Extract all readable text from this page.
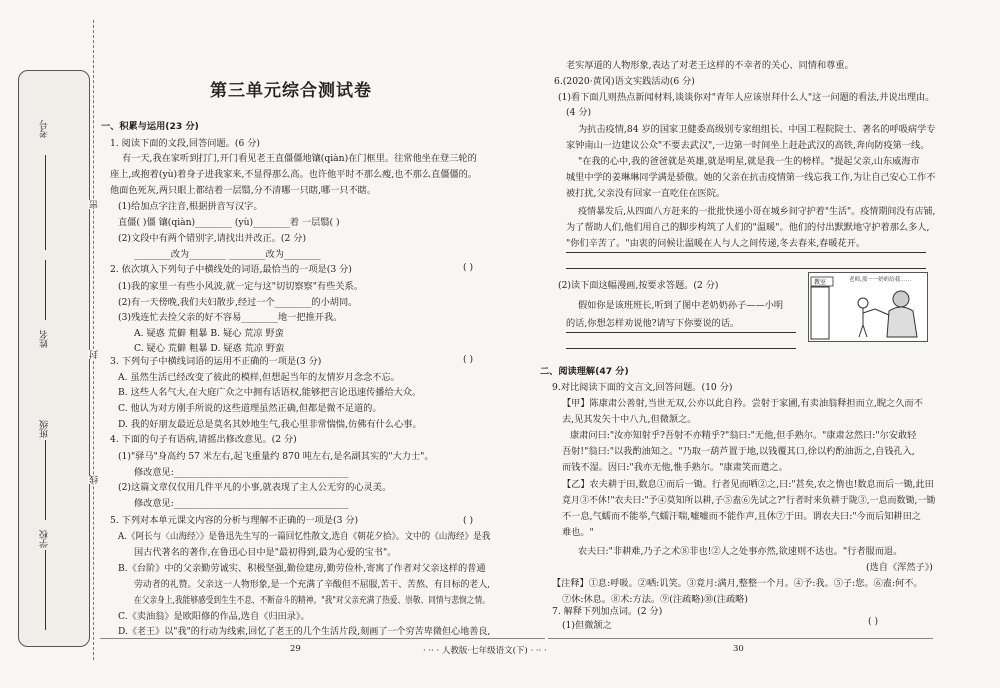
考号
姓名
班级
学校
密
封
线
第三单元综合测试卷
一、积累与运用(23 分)
1. 阅读下面的文段,回答问题。(6 分)
有一天,我在家听到打门,开门看见老王直僵僵地镶(qiàn)在门框里。往常他坐在登三轮的
座上,或抱着(yù)着身子进我家来,不显得那么高。也许他平时不那么瘦,也不那么直僵僵的。
他面色死灰,两只眼上都结着一层翳,分不清哪一只瞎,哪一只不瞎。
(1)给加点字注音,根据拼音写汉字。
直僵( )僵 镶(qiàn)________ (yù)________着 一层翳( )
(2)文段中有两个错别字,请找出并改正。(2 分)
________改为________ ________改为________
2. 依次填入下列句子中横线处的词语,最恰当的一项是(3 分)
(1)我的家里一有些小风波,就一定与这"切切察察"有些关系。
(2)有一天傍晚,我们夫妇散步,经过一个________的小胡同。
(3)残连忙去捡父亲的好不容易________地一把推开我。
A. 疑惑 荒僻 粗暴 B. 疑心 荒凉 野蛮
C. 疑心 荒僻 粗暴 D. 疑惑 荒凉 野蛮
3. 下列句子中横线词语的运用不正确的一项是(3 分)
A. 虽然生活已经改变了彼此的模样,但想起当年的友情岁月念念不忘。
B. 这些人名气大,在大庭广众之中拥有话语权,能够把言论迅速传播给大众。
C. 他认为对方刚手所说的这些道理虽然正确,但都是微不足道的。
D. 我的好朋友最近总是莫名其妙地生气,我心里非常惴惴,仿佛有什么心事。
4. 下面的句子有语病,请摇出修改意见。(2 分)
(1)"驿马"身高约 57 米左右,起飞重量约 870 吨左右,是名副其实的"大力士"。
修改意见:______________________________________
(2)这篇文章仅仅用几件平凡的小事,就表现了主人公无穷的心灵美。
修改意见:______________________________________
5. 下列对本单元课文内容的分析与理解不正确的一项是(3 分)
A.《阿长与〈山海经〉》是鲁迅先生写的一篇回忆性散文,选自《朝花夕拾》。文中的《山海经》是我
国古代著名的著作,在鲁迅心目中是"最初得到,最为心爱的宝书"。
B.《台阶》中的父亲勤劳诚实、积极坚强,勤俭建房,勤劳俭朴,寄寓了作者对父亲这样的普通
劳动者的礼赞。父亲这一人物形象,是一个充满了辛酸但不屈服,苦干、苦熬、有目标的老人,
在父亲身上,我能够感受到生生不息、不断奋斗的精神。"我"对父亲充满了热爱、崇敬、同情与悲悯之情。
C.《卖油翁》是欧阳修的作品,选自《归田录》。
D.《老王》以"我"的行动为线索,回忆了老王的几个生活片段,刻画了一个穷苦卑微但心地善良,
老实厚道的人物形象,表达了对老王这样的不幸者的关心、同情和尊重。
6.(2020·黄冈)语文实践活动(6 分)
(1)看下面几则热点新闻材料,谈谈你对"青年人应该崇拜什么人"这一问题的看法,并说出理由。
(4 分)
为抗击疫情,84 岁的国家卫健委高级别专家组组长、中国工程院院士、著名的呼吸病学专
家钟南山一边建议公众"不要去武汉",一边第一时间坐上赶赴武汉的高铁,奔向防疫第一线。
"在我的心中,我的爸爸就是英雄,就是明星,就是我一生的榜样。"提起父亲,山东威海市
城里中学的姜琳琳同学满是骄傲。她的父亲在抗击疫情第一线忘我工作,为让自己安心工作不
被打扰,父亲没有回家一直吃住在医院。
疫情暴发后,从四面八方赶来的一批批快递小哥在城乡间守护着"生活"。疫情期间没有店铺,
为了帮助人们,他们用自己的脚步构筑了人们的"温暖"。他们的付出默默地守护着那么多人,
"你们辛苦了。"由衷的问候让温暖在人与人之间传递,冬去春来,春暖花开。
(2)读下面这幅漫画,按要求答题。(2 分)
假如你是该班班长,听到了图中老奶奶孙子——小明
的话,你想怎样劝说他?请写下你要说的话。
二、阅读理解(47 分)
9.对比阅读下面的文言文,回答问题。(10 分)
【甲】陈康肃公善射,当世无双,公亦以此自矜。尝射于家圃,有卖油翁释担而立,睨之久而不
去,见其发矢十中八九,但微颔之。
康肃问曰:"汝亦知射乎?吾射不亦精乎?"翁曰:"无他,但手熟尔。"康肃忿然曰:"尔安敢轻
吾射!"翁曰:"以我酌油知之。"乃取一葫芦置于地,以钱覆其口,徐以杓酌油沥之,自钱孔入,
而钱不湿。因曰:"我亦无他,惟手熟尔。"康肃笑而遣之。
【乙】农夫耕于田,数息①而后一锄。行者见而哂②之,曰:"甚矣,农之惰也!数息而后一锄,此田
竟月③不休!"农夫曰:"予④莫知所以耕,子⑤盍⑥先试之?"行者时来负耕于陇③,一息而数锄,一锄
不一息,气蠕而不能举,气蠕汗喘,嘘嘘而不能作声,且休⑦于田。谓农夫曰:"今而后知耕田之
难也。"
农夫曰:"非耕难,乃子之术⑧非也!②人之处事亦然,欲速则不达也。"行者服而退。
(选自《浑然子》)
【注释】①息:呼吸。②哂:讥笑。③竟月:满月,整整一个月。④予:我。⑤子:您。⑥盍:何不。
⑦休:休息。⑧术:方法。⑨(注疏略)⑩(注疏略)
7. 解释下列加点词。(2 分)
(1)但微颔之
( )
( )
( )
( )
教室	老师,那一一奶奶给我……
29	· ·· · 人教版·七年级语文(下) · ·· ·	30
